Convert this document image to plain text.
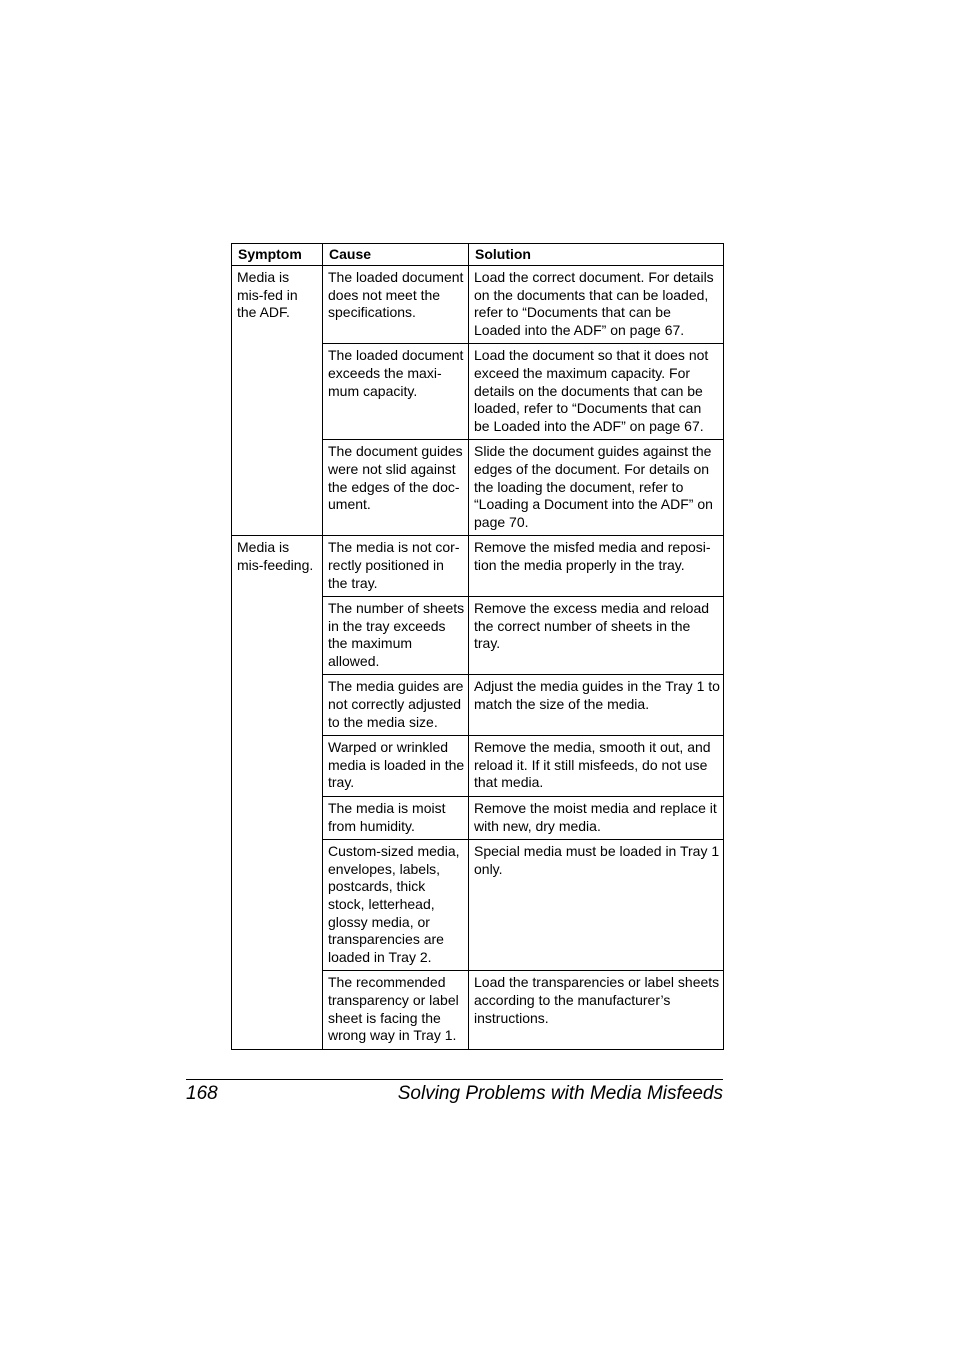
Symptom	Cause	Solution

Media is mis-fed in the ADF.	The loaded document does not meet the specifications.	Load the correct document. For details on the documents that can be loaded, refer to “Documents that can be Loaded into the ADF” on page 67.

	The loaded document exceeds the maxi-mum capacity.	Load the document so that it does not exceed the maximum capacity. For details on the documents that can be loaded, refer to “Documents that can be Loaded into the ADF” on page 67.

	The document guides were not slid against the edges of the doc-ument.	Slide the document guides against the edges of the document. For details on the loading the document, refer to “Loading a Document into the ADF” on page 70.

Media is mis-feeding.	The media is not cor-rectly positioned in the tray.	Remove the misfed media and reposi-tion the media properly in the tray.

	The number of sheets in the tray exceeds the maximum allowed.	Remove the excess media and reload the correct number of sheets in the tray.

	The media guides are not correctly adjusted to the media size.	Adjust the media guides in the Tray 1 to match the size of the media.

	Warped or wrinkled media is loaded in the tray.	Remove the media, smooth it out, and reload it. If it still misfeeds, do not use that media.

	The media is moist from humidity.	Remove the moist media and replace it with new, dry media.

	Custom-sized media, envelopes, labels, postcards, thick stock, letterhead, glossy media, or transparencies are loaded in Tray 2.	Special media must be loaded in Tray 1 only.

	The recommended transparency or label sheet is facing the wrong way in Tray 1.	Load the transparencies or label sheets according to the manufacturer’s instructions.
168	Solving Problems with Media Misfeeds
